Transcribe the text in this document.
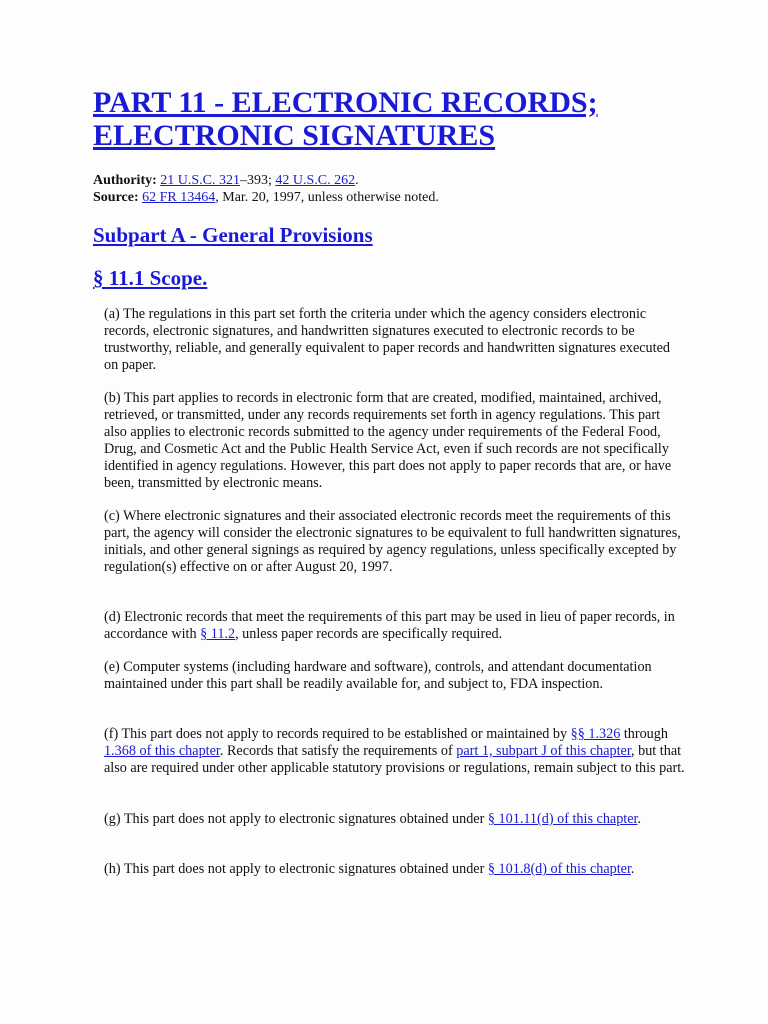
PART 11 - ELECTRONIC RECORDS;
ELECTRONIC SIGNATURES
Authority: 21 U.S.C. 321–393; 42 U.S.C. 262.
Source: 62 FR 13464, Mar. 20, 1997, unless otherwise noted.
Subpart A - General Provisions
§ 11.1 Scope.

(a) The regulations in this part set forth the criteria under which the agency considers electronic records, electronic signatures, and handwritten signatures executed to electronic records to be trustworthy, reliable, and generally equivalent to paper records and handwritten signatures executed on paper.

(b) This part applies to records in electronic form that are created, modified, maintained, archived, retrieved, or transmitted, under any records requirements set forth in agency regulations. This part also applies to electronic records submitted to the agency under requirements of the Federal Food, Drug, and Cosmetic Act and the Public Health Service Act, even if such records are not specifically identified in agency regulations. However, this part does not apply to paper records that are, or have been, transmitted by electronic means.

(c) Where electronic signatures and their associated electronic records meet the requirements of this part, the agency will consider the electronic signatures to be equivalent to full handwritten signatures, initials, and other general signings as required by agency regulations, unless specifically excepted by regulation(s) effective on or after August 20, 1997.

(d) Electronic records that meet the requirements of this part may be used in lieu of paper records, in accordance with § 11.2, unless paper records are specifically required.

(e) Computer systems (including hardware and software), controls, and attendant documentation maintained under this part shall be readily available for, and subject to, FDA inspection.

(f) This part does not apply to records required to be established or maintained by §§ 1.326 through 1.368 of this chapter. Records that satisfy the requirements of part 1, subpart J of this chapter, but that also are required under other applicable statutory provisions or regulations, remain subject to this part.

(g) This part does not apply to electronic signatures obtained under § 101.11(d) of this chapter.

(h) This part does not apply to electronic signatures obtained under § 101.8(d) of this chapter.
